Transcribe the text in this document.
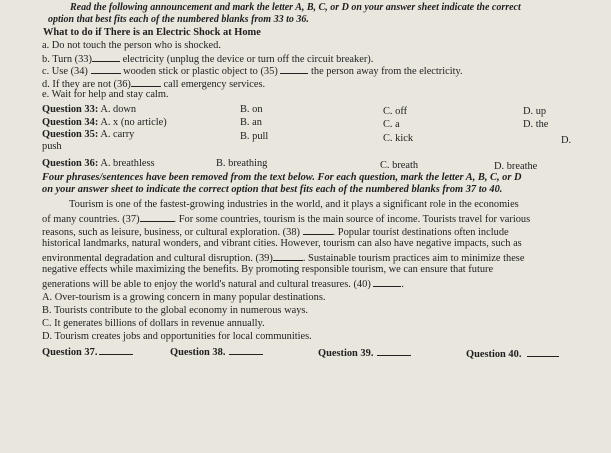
Read the following announcement and mark the letter A, B, C, or D on your answer sheet indicate the correct
option that best fits each of the numbered blanks from 33 to 36.
What to do if There is an Electric Shock at Home
a. Do not touch the person who is shocked.
b. Turn (33)	electricity (unplug the device or turn off the circuit breaker).
c. Use (34)	wooden stick or plastic object to (35)	the person away from the electricity.
d. If they are not (36)	call emergency services.
e. Wait for help and stay calm.
Question 33: A. down	B. on	C. off	D. up
Question 34: A. x (no article)	B. an	C. a	D. the
Question 35: A. carry	B. pull	C. kick	D.
push
Question 36: A. breathless	B. breathing	C. breath	D. breathe
Four phrases/sentences have been removed from the text below. For each question, mark the letter A, B, C, or D
on your answer sheet to indicate the correct option that best fits each of the numbered blanks from 37 to 40.
Tourism is one of the fastest-growing industries in the world, and it plays a significant role in the economies
of many countries. (37)	. For some countries, tourism is the main source of income. Tourists travel for various
reasons, such as leisure, business, or cultural exploration. (38)	. Popular tourist destinations often include
historical landmarks, natural wonders, and vibrant cities. However, tourism can also have negative impacts, such as
environmental degradation and cultural disruption. (39)	. Sustainable tourism practices aim to minimize these
negative effects while maximizing the benefits. By promoting responsible tourism, we can ensure that future
generations will be able to enjoy the world's natural and cultural treasures. (40)	.
A. Over-tourism is a growing concern in many popular destinations.
B. Tourists contribute to the global economy in numerous ways.
C. It generates billions of dollars in revenue annually.
D. Tourism creates jobs and opportunities for local communities.
Question 37.	Question 38.	Question 39.	Question 40.
